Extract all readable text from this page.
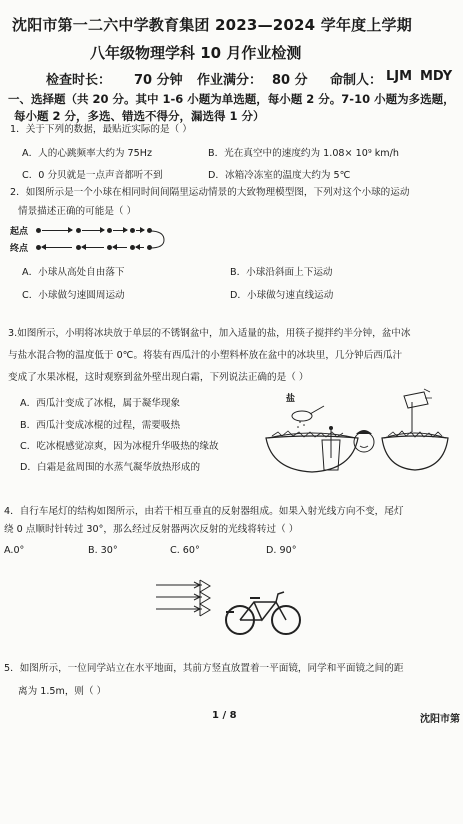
沈阳市第一二六中学教育集团 2023—2024 学年度上学期
八年级物理学科 10 月作业检测
检查时长： 70 分钟 作业满分： 80 分 命制人： LJM MDY
一、选择题（共 20 分。其中 1-6 小题为单选题，每小题 2 分。7-10 小题为多选题，
每小题 2 分，多选、错选不得分，漏选得 1 分）
1．关于下列的数据，最贴近实际的是（ ）
A．人的心跳频率大约为 75Hz	B．光在真空中的速度约为 1.08× 10⁹ km/h
C．0 分贝就是一点声音都听不到	D．冰箱冷冻室的温度大约为 5℃
2．如图所示是一个小球在相同时间间隔里运动情景的大致物理模型图，下列对这个小球的运动
情景描述正确的可能是（ ）
起点
终点
A．小球从高处自由落下	B．小球沿斜面上下运动
C．小球做匀速圆周运动	D．小球做匀速直线运动
3.如图所示，小明将冰块放于单层的不锈钢盆中，加入适量的盐，用筷子搅拌约半分钟，盆中冰
与盐水混合物的温度低于 0℃。将装有西瓜汁的小塑料杯放在盆中的冰块里，几分钟后西瓜汁
变成了水果冰棍，这时观察到盆外壁出现白霜，下列说法正确的是（ ）
A．西瓜汁变成了冰棍，属于凝华现象
B．西瓜汁变成冰棍的过程，需要吸热
C．吃冰棍感觉凉爽，因为冰棍升华吸热的缘故
D．白霜是盆周围的水蒸气凝华放热形成的
盐
4．自行车尾灯的结构如图所示，由若干相互垂直的反射器组成。如果入射光线方向不变，尾灯
绕 0 点顺时针转过 30°，那么经过反射器两次反射的光线将转过（ ）
A.0°	B. 30°	C. 60°	D. 90°
5．如图所示，一位同学站立在水平地面，其前方竖直放置着一平面镜，同学和平面镜之间的距
离为 1.5m，则（ ）
1 / 8	沈阳市第
